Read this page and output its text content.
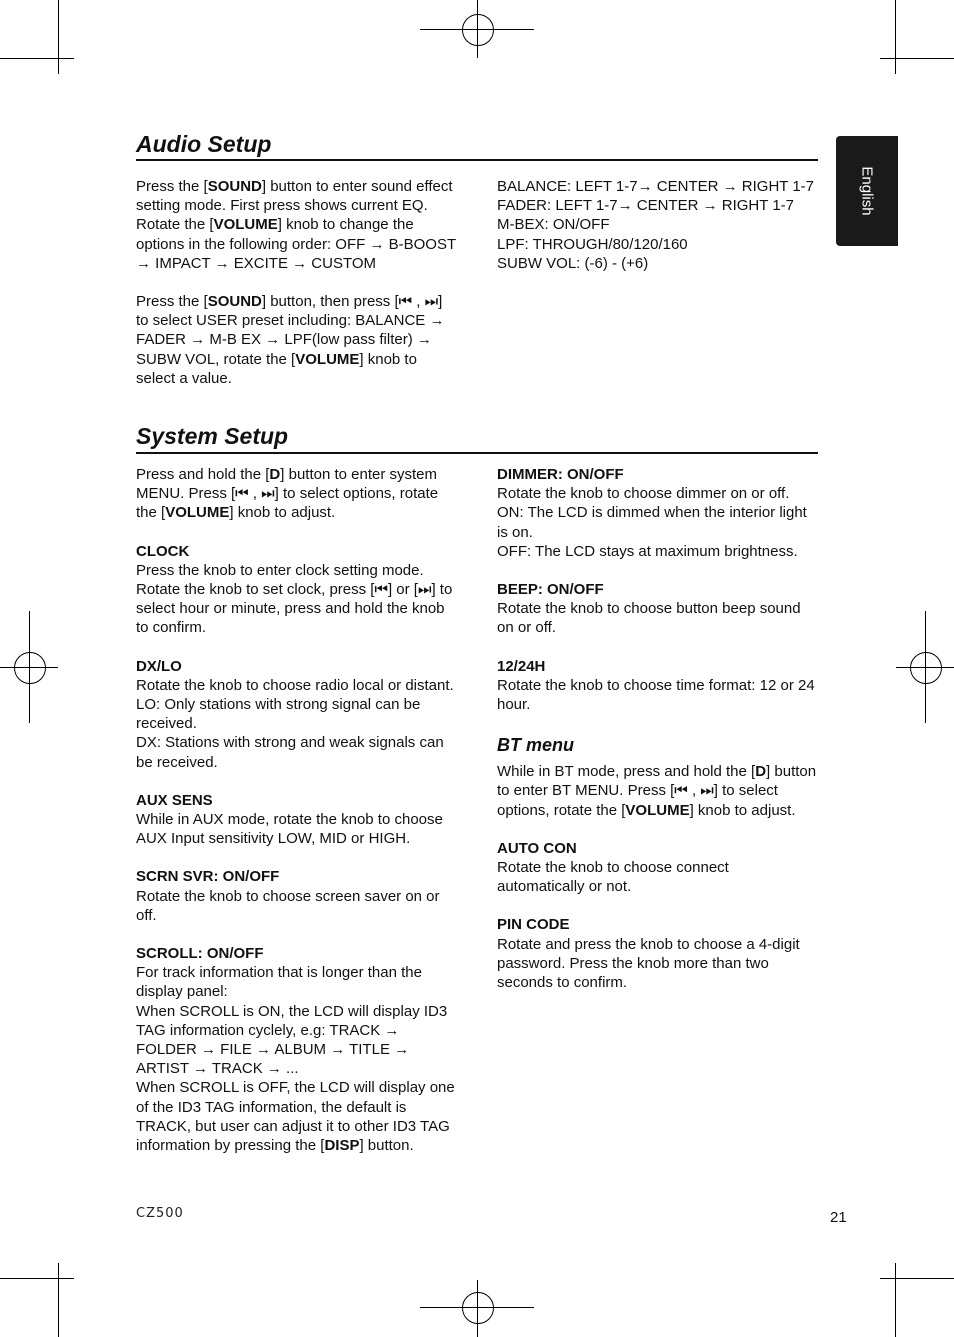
English
Audio Setup

Press the [SOUND] button to enter sound effect setting mode. First press shows current EQ. Rotate the [VOLUME] knob to change the options in the following order: OFF → B-BOOST → IMPACT → EXCITE → CUSTOM

Press the [SOUND] button, then press [⏮ , ⏭] to select USER preset including: BALANCE → FADER → M-B EX → LPF(low pass filter) → SUBW VOL, rotate the [VOLUME] knob to select a value.

BALANCE: LEFT 1-7→ CENTER → RIGHT 1-7
FADER: LEFT 1-7→ CENTER → RIGHT 1-7
M-BEX: ON/OFF
LPF: THROUGH/80/120/160
SUBW VOL: (-6) - (+6)
System Setup

Press and hold the [D] button to enter system MENU. Press [⏮ , ⏭] to select options, rotate the [VOLUME] knob to adjust.

CLOCK
Press the knob to enter clock setting mode. Rotate the knob to set clock, press [⏮] or [⏭] to select hour or minute, press and hold the knob to confirm.

DX/LO
Rotate the knob to choose radio local or distant.
LO: Only stations with strong signal can be received.
DX: Stations with strong and weak signals can be received.

AUX SENS
While in AUX mode, rotate the knob to choose AUX Input sensitivity LOW, MID or HIGH.

SCRN SVR: ON/OFF
Rotate the knob to choose screen saver on or off.

SCROLL: ON/OFF
For track information that is longer than the display panel:
When SCROLL is ON, the LCD will display ID3 TAG information cyclely, e.g: TRACK → FOLDER → FILE → ALBUM → TITLE → ARTIST → TRACK → ...

When SCROLL is OFF, the LCD will display one of the ID3 TAG information, the default is TRACK, but user can adjust it to other ID3 TAG information by pressing the [DISP] button.

DIMMER: ON/OFF
Rotate the knob to choose dimmer on or off.
ON: The LCD is dimmed when the interior light is on.
OFF: The LCD stays at maximum brightness.

BEEP: ON/OFF
Rotate the knob to choose button beep sound on or off.

12/24H
Rotate the knob to choose time format: 12 or 24 hour.

BT menu

While in BT mode, press and hold the [D] button to enter BT MENU. Press [⏮ , ⏭] to select options, rotate the [VOLUME] knob to adjust.

AUTO CON
Rotate the knob to choose connect automatically or not.

PIN CODE
Rotate and press the knob to choose a 4-digit password. Press the knob more than two seconds to confirm.

CZ500	21
